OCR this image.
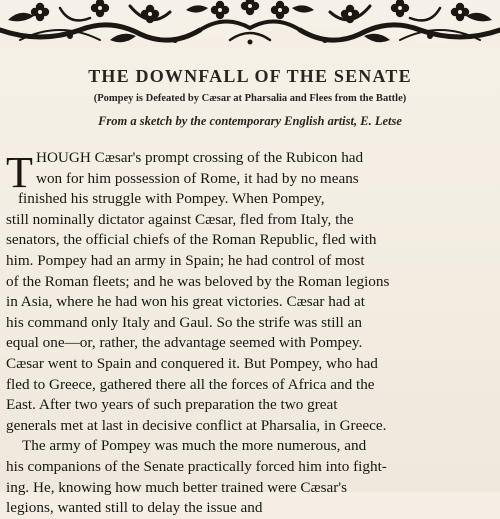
THE DOWNFALL OF THE SENATE

(Pompey is Defeated by Cæsar at Pharsalia and Flees from the Battle)

From a sketch by the contemporary English artist, E. Letse

T HOUGH Cæsar's prompt crossing of the Rubicon had
won for him possession of Rome, it had by no means
finished his struggle with Pompey. When Pompey,
still nominally dictator against Cæsar, fled from Italy, the
senators, the official chiefs of the Roman Republic, fled with
him. Pompey had an army in Spain; he had control of most
of the Roman fleets; and he was beloved by the Roman legions
in Asia, where he had won his great victories. Cæsar had at
his command only Italy and Gaul. So the strife was still an
equal one—or, rather, the advantage seemed with Pompey.
Cæsar went to Spain and conquered it. But Pompey, who had
fled to Greece, gathered there all the forces of Africa and the
East. After two years of such preparation the two great
generals met at last in decisive conflict at Pharsalia, in Greece.
The army of Pompey was much the more numerous, and
his companions of the Senate practically forced him into fight-
ing. He, knowing how much better trained were Cæsar's
legions, wanted still to delay the issue and
